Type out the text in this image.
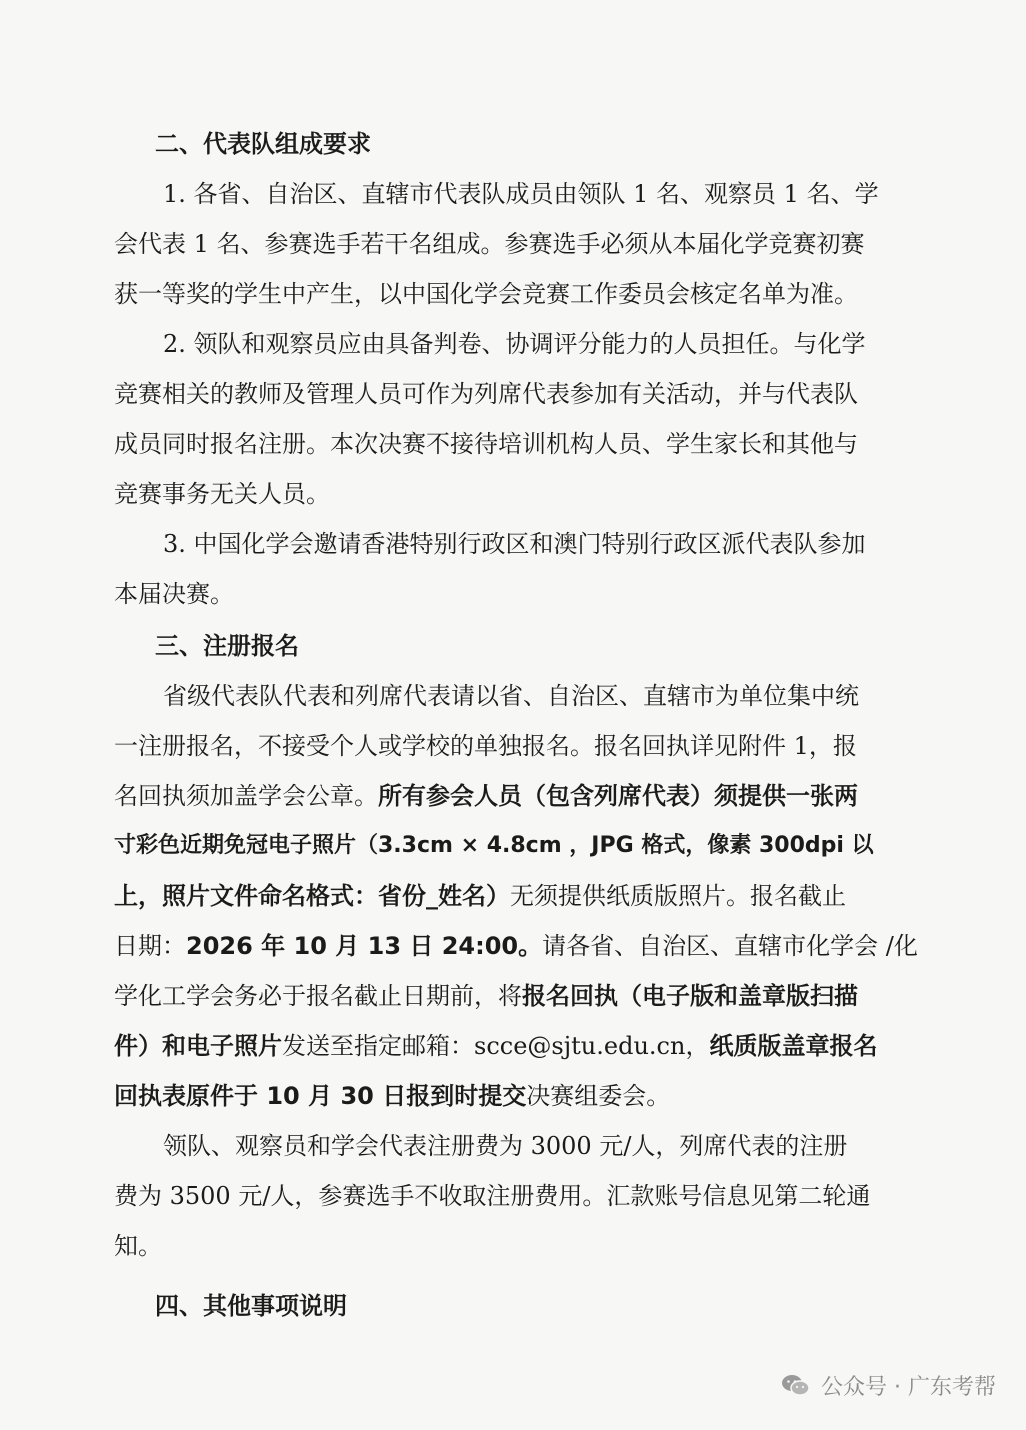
二、代表队组成要求
1. 各省、自治区、直辖市代表队成员由领队 1 名、观察员 1 名、学
会代表 1 名、参赛选手若干名组成。参赛选手必须从本届化学竞赛初赛
获一等奖的学生中产生，以中国化学会竞赛工作委员会核定名单为准。
2. 领队和观察员应由具备判卷、协调评分能力的人员担任。与化学
竞赛相关的教师及管理人员可作为列席代表参加有关活动，并与代表队
成员同时报名注册。本次决赛不接待培训机构人员、学生家长和其他与
竞赛事务无关人员。
3. 中国化学会邀请香港特别行政区和澳门特别行政区派代表队参加
本届决赛。
三、注册报名
省级代表队代表和列席代表请以省、自治区、直辖市为单位集中统
一注册报名，不接受个人或学校的单独报名。报名回执详见附件 1，报
名回执须加盖学会公章。所有参会人员（包含列席代表）须提供一张两
寸彩色近期免冠电子照片（3.3cm × 4.8cm ，JPG 格式，像素 300dpi 以
上，照片文件命名格式：省份_姓名）无须提供纸质版照片。报名截止
日期：2026 年 10 月 13 日 24:00。请各省、自治区、直辖市化学会 /化
学化工学会务必于报名截止日期前，将报名回执（电子版和盖章版扫描
件）和电子照片发送至指定邮箱：scce@sjtu.edu.cn，纸质版盖章报名
回执表原件于 10 月 30 日报到时提交决赛组委会。
领队、观察员和学会代表注册费为 3000 元/人，列席代表的注册
费为 3500 元/人，参赛选手不收取注册费用。汇款账号信息见第二轮通
知。
四、其他事项说明
公众号 · 广东考帮
